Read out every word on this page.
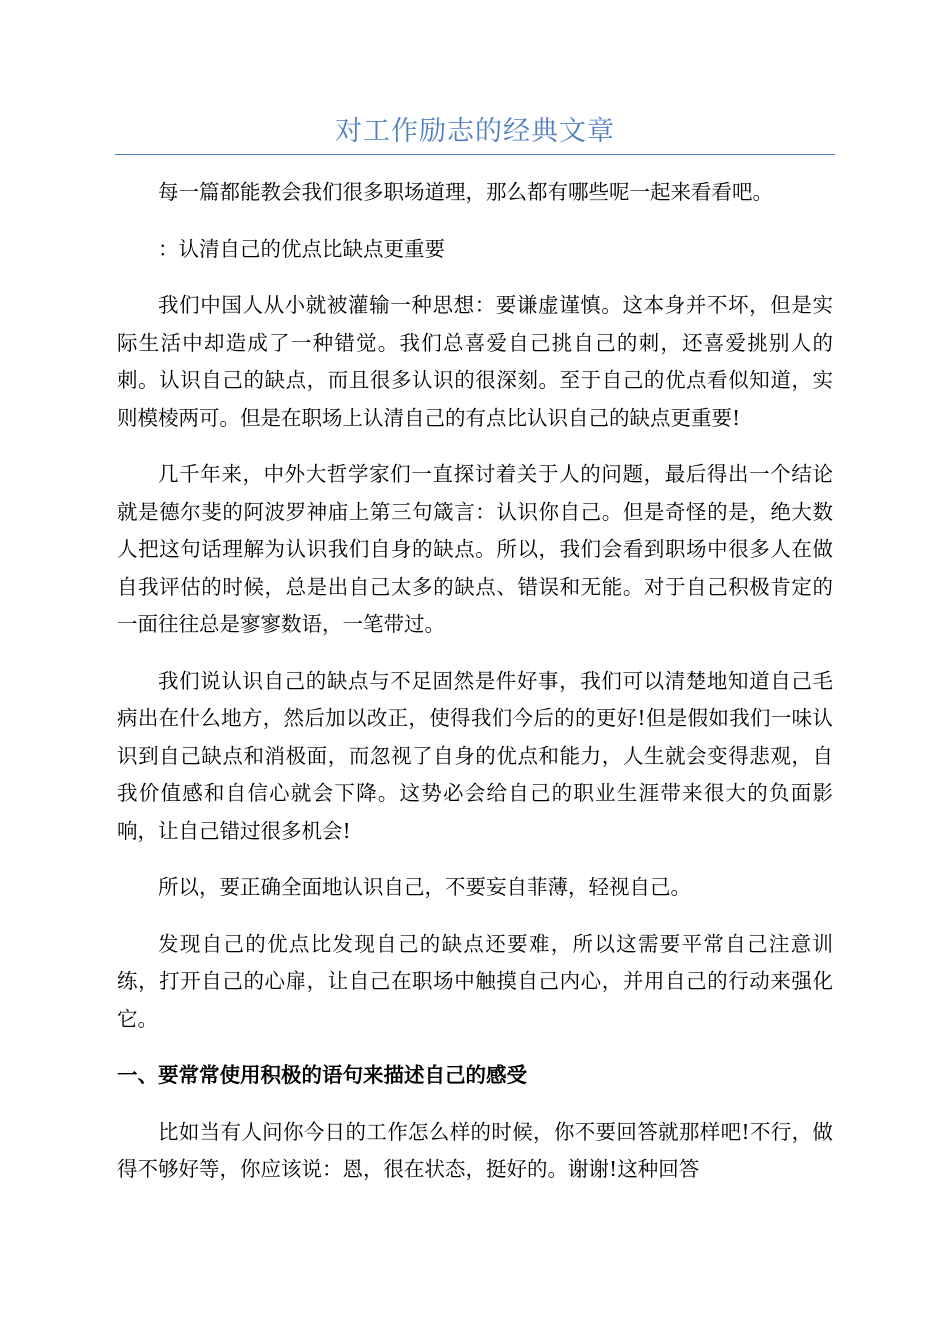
对工作励志的经典文章

每一篇都能教会我们很多职场道理，那么都有哪些呢一起来看看吧。

：认清自己的优点比缺点更重要

我们中国人从小就被灌输一种思想：要谦虚谨慎。这本身并不坏，但是实际生活中却造成了一种错觉。我们总喜爱自己挑自己的刺，还喜爱挑别人的刺。认识自己的缺点，而且很多认识的很深刻。至于自己的优点看似知道，实则模棱两可。但是在职场上认清自己的有点比认识自己的缺点更重要!

几千年来，中外大哲学家们一直探讨着关于人的问题，最后得出一个结论就是德尔斐的阿波罗神庙上第三句箴言：认识你自己。但是奇怪的是，绝大数人把这句话理解为认识我们自身的缺点。所以，我们会看到职场中很多人在做自我评估的时候，总是出自己太多的缺点、错误和无能。对于自己积极肯定的一面往往总是寥寥数语，一笔带过。

我们说认识自己的缺点与不足固然是件好事，我们可以清楚地知道自己毛病出在什么地方，然后加以改正，使得我们今后的的更好!但是假如我们一味认识到自己缺点和消极面，而忽视了自身的优点和能力，人生就会变得悲观，自我价值感和自信心就会下降。这势必会给自己的职业生涯带来很大的负面影响，让自己错过很多机会!

所以，要正确全面地认识自己，不要妄自菲薄，轻视自己。

发现自己的优点比发现自己的缺点还要难，所以这需要平常自己注意训练，打开自己的心扉，让自己在职场中触摸自己内心，并用自己的行动来强化它。

一、要常常使用积极的语句来描述自己的感受

比如当有人问你今日的工作怎么样的时候，你不要回答就那样吧!不行，做得不够好等，你应该说：恩，很在状态，挺好的。谢谢!这种回答
